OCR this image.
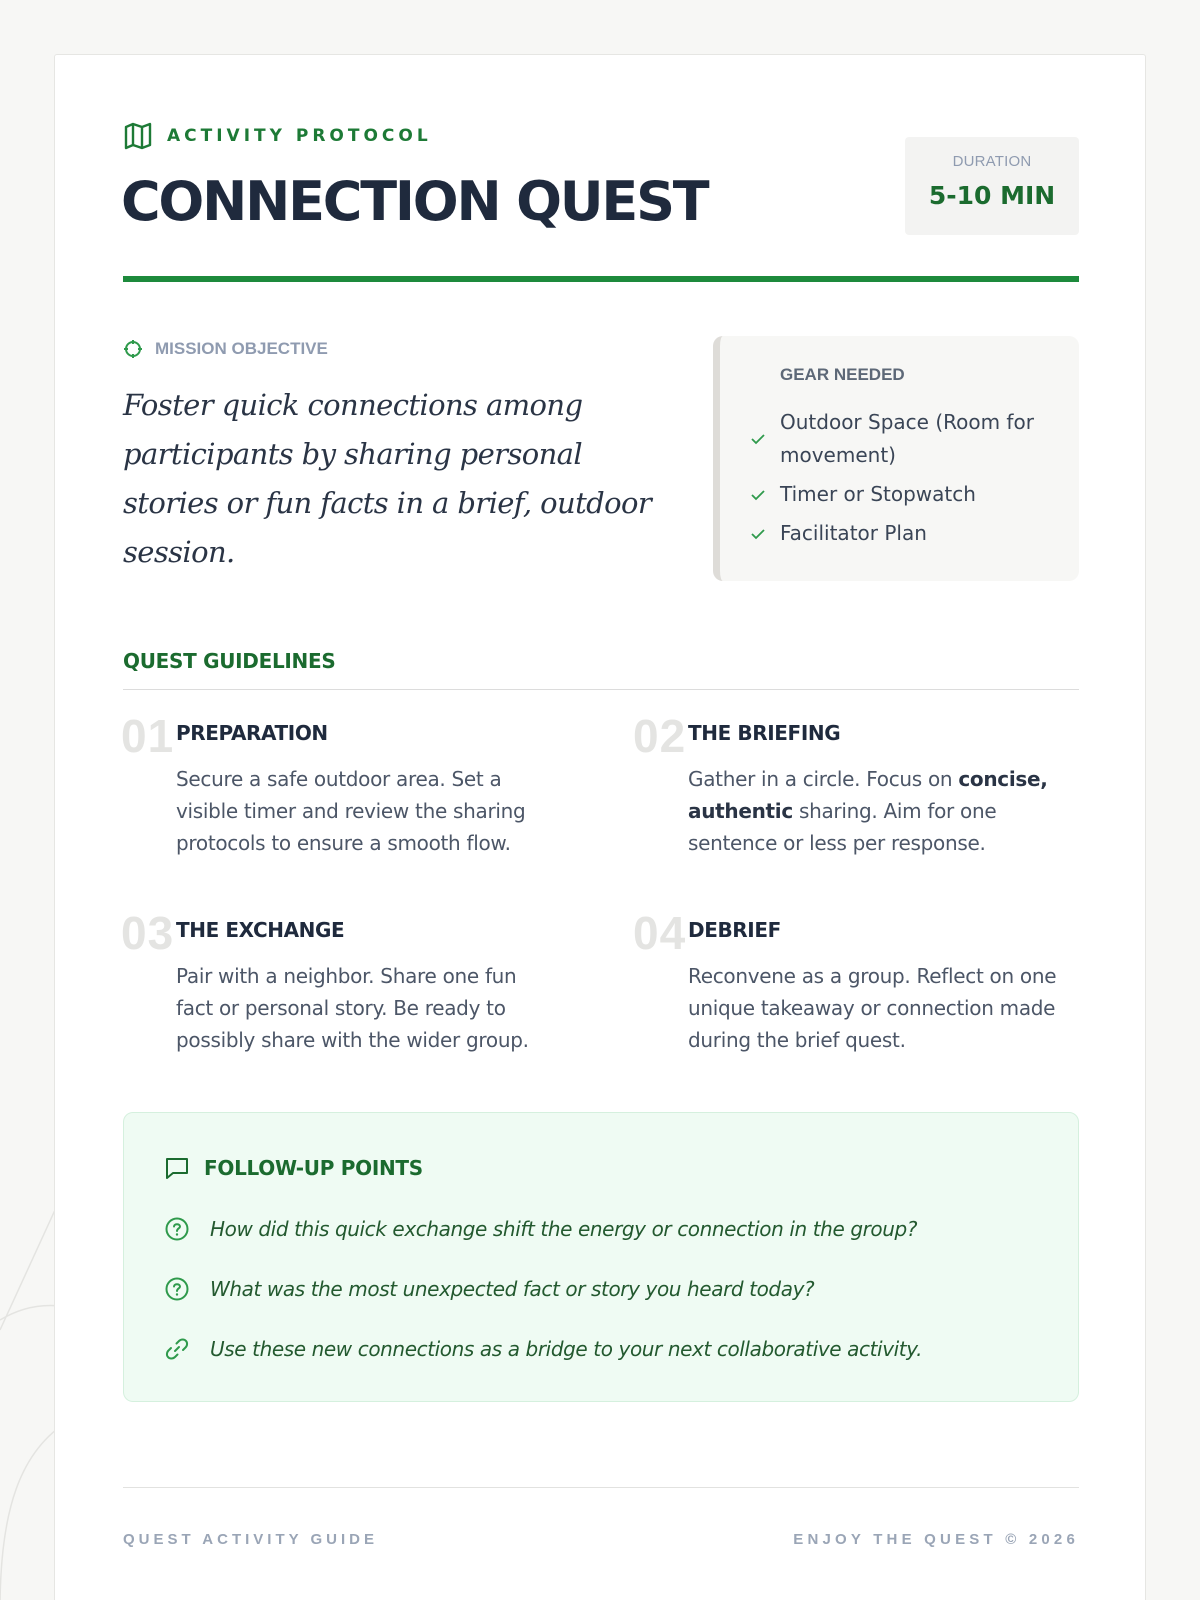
ACTIVITY PROTOCOL
CONNECTION QUEST
DURATION
5-10 MIN
MISSION OBJECTIVE

Foster quick connections among participants by sharing personal stories or fun facts in a brief, outdoor session.

GEAR NEEDED
Outdoor Space (Room for movement)
Timer or Stopwatch
Facilitator Plan
QUEST GUIDELINES
01 PREPARATION

Secure a safe outdoor area. Set a visible timer and review the sharing protocols to ensure a smooth flow.

02 THE BRIEFING

Gather in a circle. Focus on concise, authentic sharing. Aim for one sentence or less per response.

03 THE EXCHANGE

Pair with a neighbor. Share one fun fact or personal story. Be ready to possibly share with the wider group.

04 DEBRIEF

Reconvene as a group. Reflect on one unique takeaway or connection made during the brief quest.

FOLLOW-UP POINTS
How did this quick exchange shift the energy or connection in the group?
What was the most unexpected fact or story you heard today?
Use these new connections as a bridge to your next collaborative activity.
QUEST ACTIVITY GUIDE	ENJOY THE QUEST © 2026
